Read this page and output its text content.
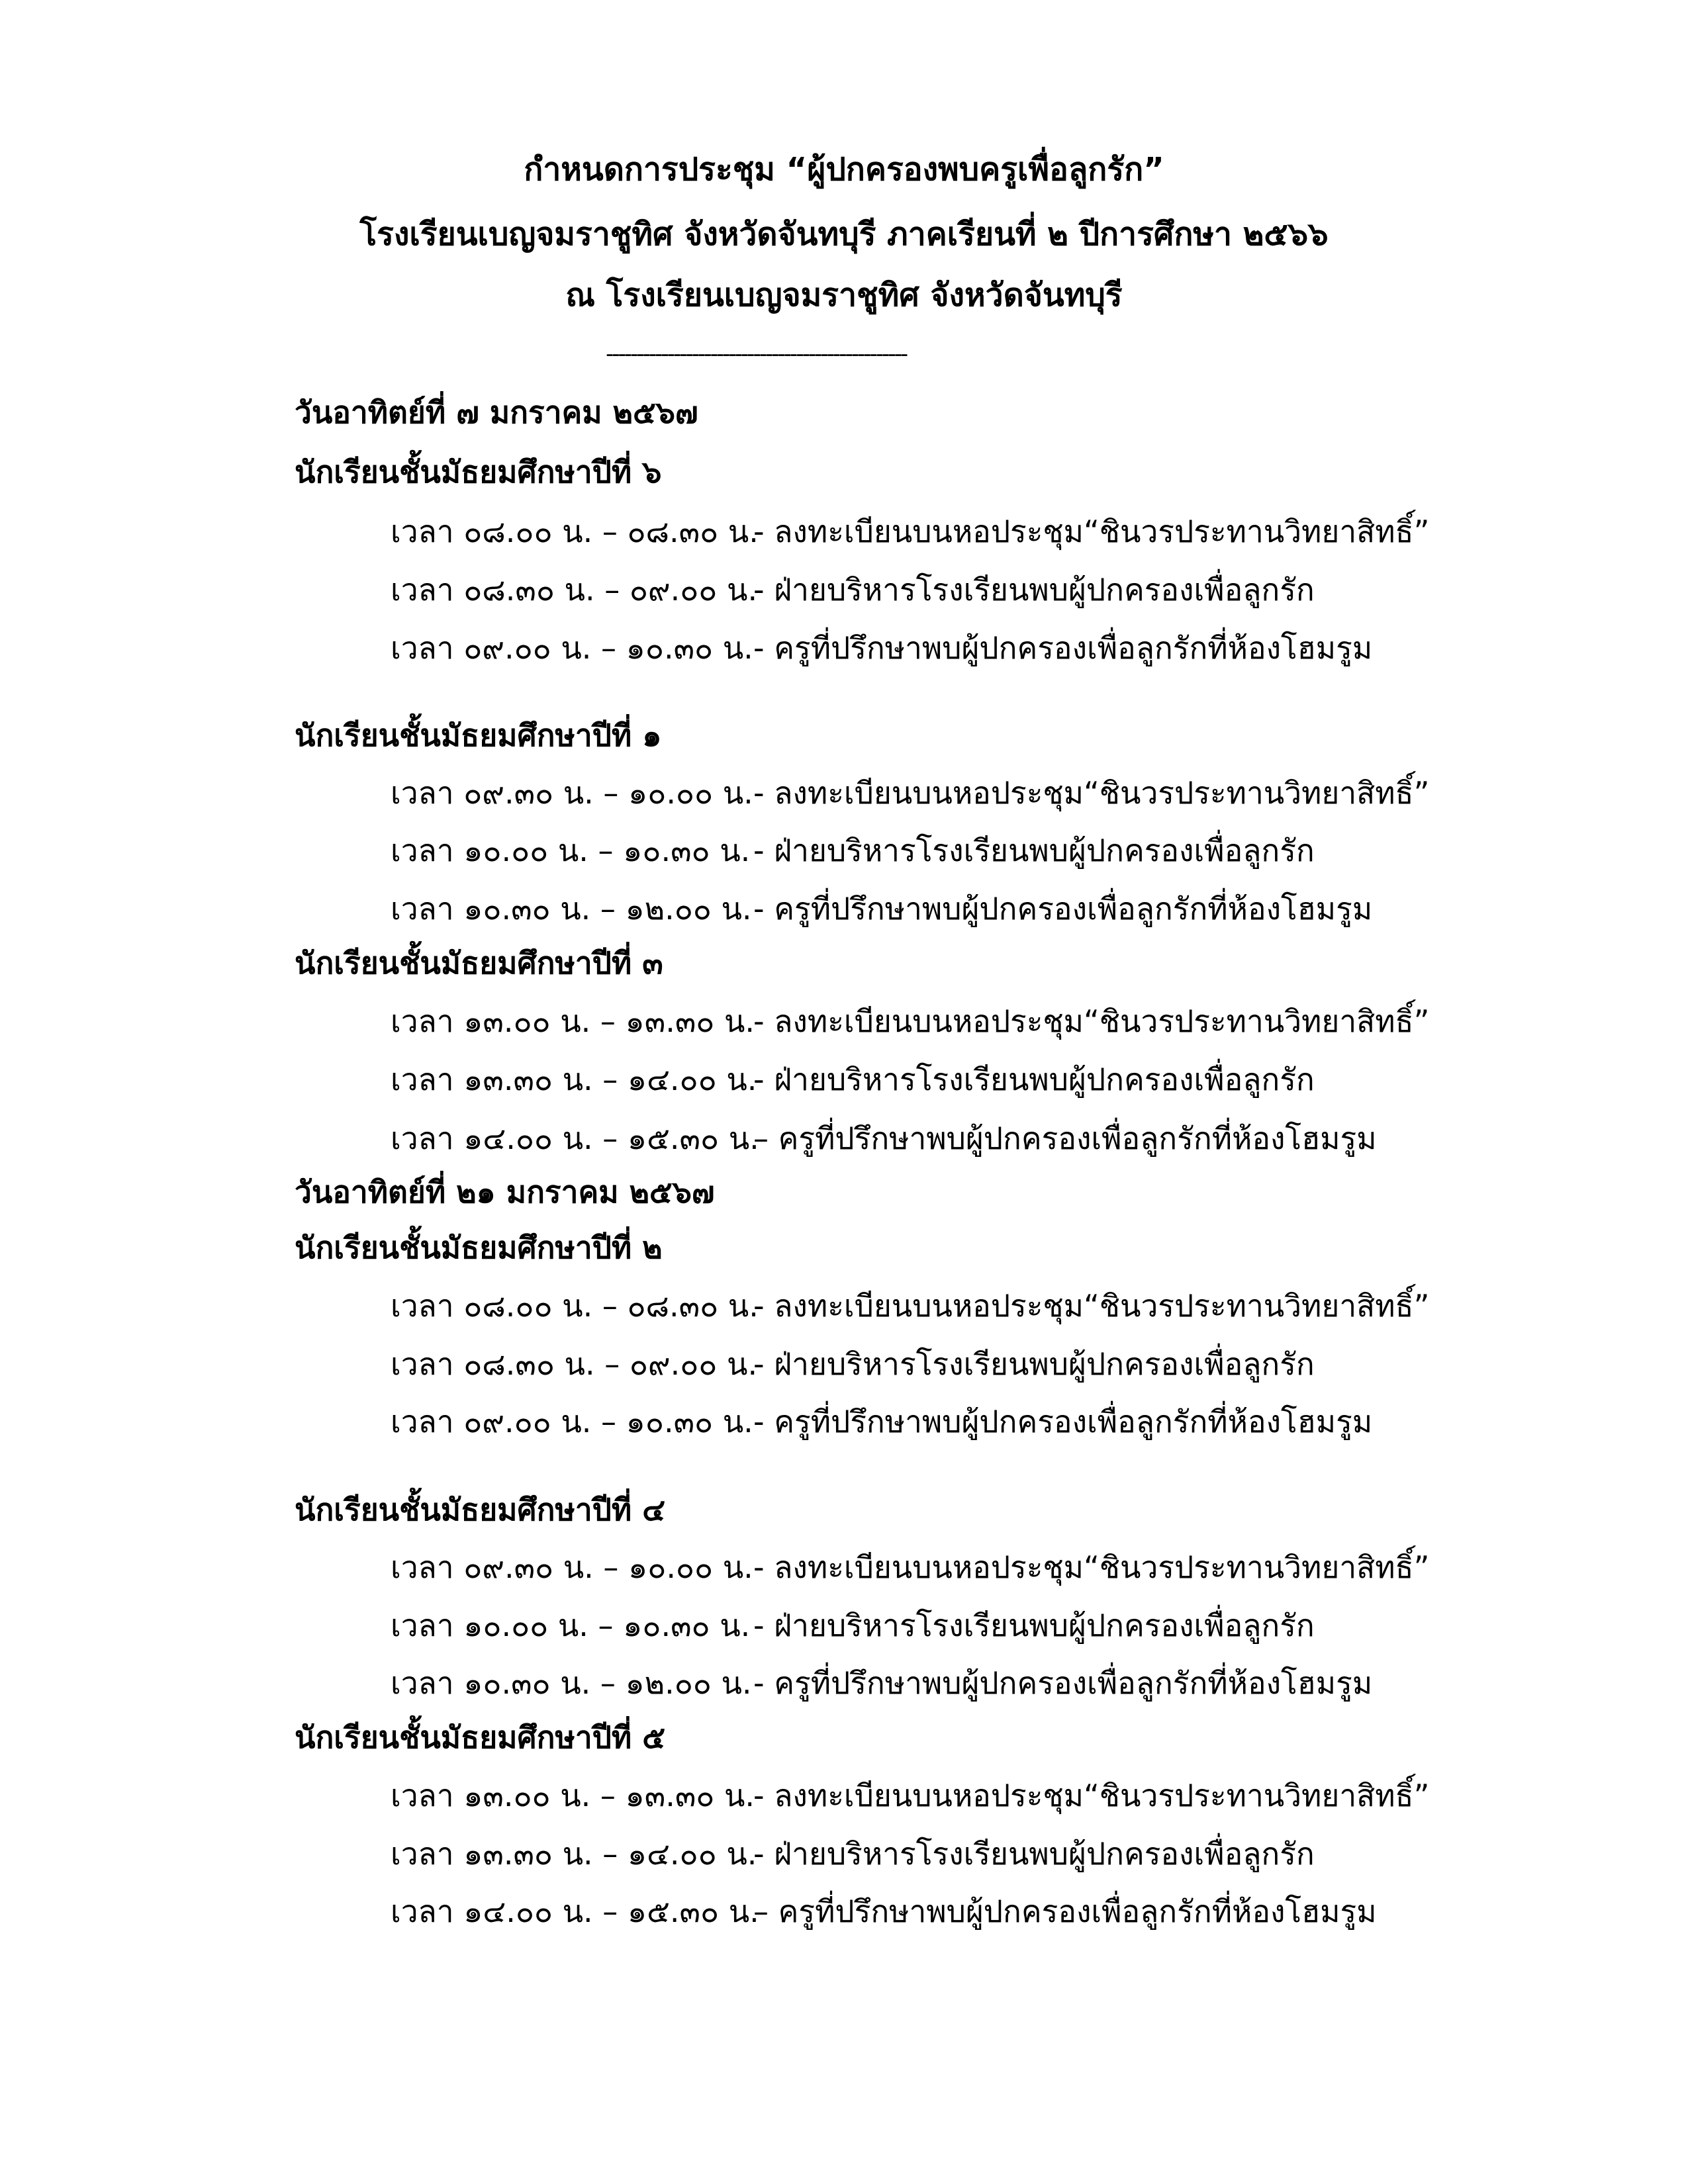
กำหนดการประชุม “ผู้ปกครองพบครูเพื่อลูกรัก”
โรงเรียนเบญจมราชูทิศ จังหวัดจันทบุรี ภาคเรียนที่ ๒ ปีการศึกษา ๒๕๖๖
ณ โรงเรียนเบญจมราชูทิศ จังหวัดจันทบุรี
-------------------------------------------------
วันอาทิตย์ที่ ๗ มกราคม ๒๕๖๗
นักเรียนชั้นมัธยมศึกษาปีที่ ๖
เวลา ๐๘.๐๐ น. – ๐๘.๓๐ น.- ลงทะเบียนบนหอประชุม“ชินวรประทานวิทยาสิทธิ์”
เวลา ๐๘.๓๐ น. – ๐๙.๐๐ น.- ฝ่ายบริหารโรงเรียนพบผู้ปกครองเพื่อลูกรัก
เวลา ๐๙.๐๐ น. – ๑๐.๓๐ น.- ครูที่ปรึกษาพบผู้ปกครองเพื่อลูกรักที่ห้องโฮมรูม
นักเรียนชั้นมัธยมศึกษาปีที่ ๑
เวลา ๐๙.๓๐ น. – ๑๐.๐๐ น.- ลงทะเบียนบนหอประชุม“ชินวรประทานวิทยาสิทธิ์”
เวลา ๑๐.๐๐ น. – ๑๐.๓๐ น. - ฝ่ายบริหารโรงเรียนพบผู้ปกครองเพื่อลูกรัก
เวลา ๑๐.๓๐ น. – ๑๒.๐๐ น.- ครูที่ปรึกษาพบผู้ปกครองเพื่อลูกรักที่ห้องโฮมรูม
นักเรียนชั้นมัธยมศึกษาปีที่ ๓
เวลา ๑๓.๐๐ น. – ๑๓.๓๐ น.- ลงทะเบียนบนหอประชุม“ชินวรประทานวิทยาสิทธิ์”
เวลา ๑๓.๓๐ น. – ๑๔.๐๐ น.- ฝ่ายบริหารโรงเรียนพบผู้ปกครองเพื่อลูกรัก
เวลา ๑๔.๐๐ น. – ๑๕.๓๐ น.– ครูที่ปรึกษาพบผู้ปกครองเพื่อลูกรักที่ห้องโฮมรูม
วันอาทิตย์ที่ ๒๑ มกราคม ๒๕๖๗
นักเรียนชั้นมัธยมศึกษาปีที่ ๒
เวลา ๐๘.๐๐ น. – ๐๘.๓๐ น.- ลงทะเบียนบนหอประชุม“ชินวรประทานวิทยาสิทธิ์”
เวลา ๐๘.๓๐ น. – ๐๙.๐๐ น.- ฝ่ายบริหารโรงเรียนพบผู้ปกครองเพื่อลูกรัก
เวลา ๐๙.๐๐ น. – ๑๐.๓๐ น.- ครูที่ปรึกษาพบผู้ปกครองเพื่อลูกรักที่ห้องโฮมรูม
นักเรียนชั้นมัธยมศึกษาปีที่ ๔
เวลา ๐๙.๓๐ น. – ๑๐.๐๐ น.- ลงทะเบียนบนหอประชุม“ชินวรประทานวิทยาสิทธิ์”
เวลา ๑๐.๐๐ น. – ๑๐.๓๐ น. - ฝ่ายบริหารโรงเรียนพบผู้ปกครองเพื่อลูกรัก
เวลา ๑๐.๓๐ น. – ๑๒.๐๐ น.- ครูที่ปรึกษาพบผู้ปกครองเพื่อลูกรักที่ห้องโฮมรูม
นักเรียนชั้นมัธยมศึกษาปีที่ ๕
เวลา ๑๓.๐๐ น. – ๑๓.๓๐ น.- ลงทะเบียนบนหอประชุม“ชินวรประทานวิทยาสิทธิ์”
เวลา ๑๓.๓๐ น. – ๑๔.๐๐ น.- ฝ่ายบริหารโรงเรียนพบผู้ปกครองเพื่อลูกรัก
เวลา ๑๔.๐๐ น. – ๑๕.๓๐ น.– ครูที่ปรึกษาพบผู้ปกครองเพื่อลูกรักที่ห้องโฮมรูม
